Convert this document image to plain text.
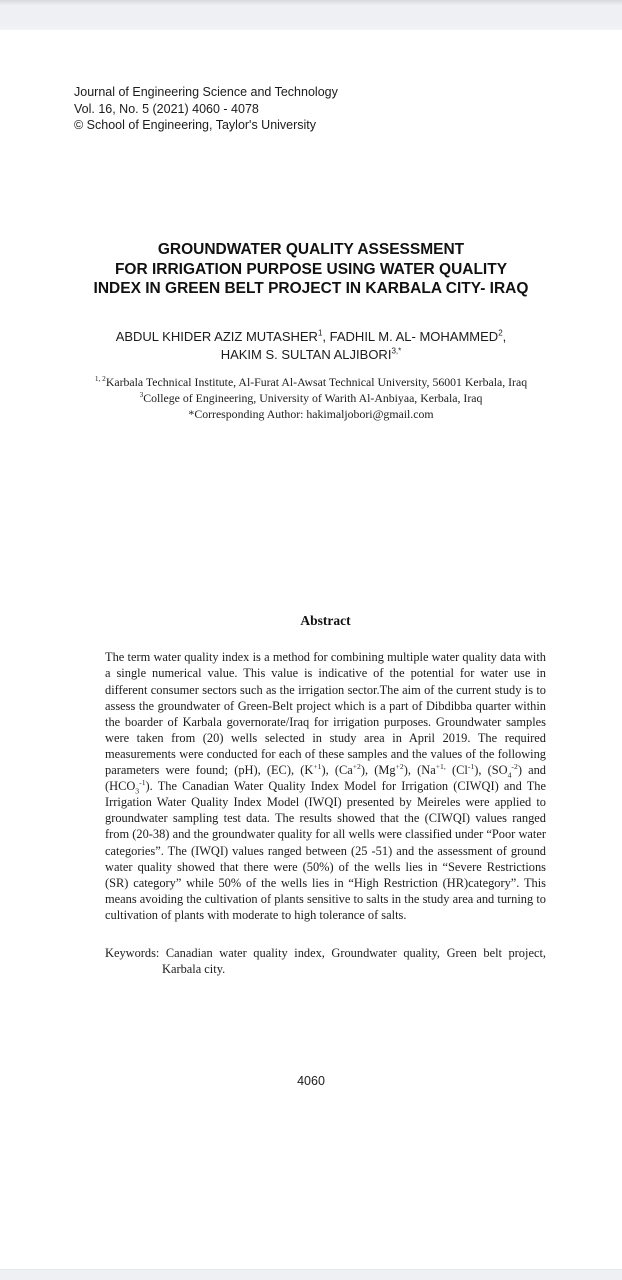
Journal of Engineering Science and Technology
Vol. 16, No. 5 (2021) 4060 - 4078
© School of Engineering, Taylor's University
GROUNDWATER QUALITY ASSESSMENT
FOR IRRIGATION PURPOSE USING WATER QUALITY
INDEX IN GREEN BELT PROJECT IN KARBALA CITY- IRAQ
ABDUL KHIDER AZIZ MUTASHER$^1$, FADHIL M. AL- MOHAMMED$^2$,
HAKIM S. SULTAN $ALJIBORI^{3,*}$
$^{1, 2}$Karbala Technical Institute, Al-Furat Al-Awsat Technical University, 56001 Kerbala, Iraq
$^3$College of Engineering, University of Warith Al-Anbiyaa, Kerbala, Iraq
*Corresponding Author: hakimaljobori@gmail.com
Abstract

The term water quality index is a method for combining multiple water quality data with a single numerical value. This value is indicative of the potential for water use in different consumer sectors such as the irrigation sector.The aim of the current study is to assess the groundwater of Green-Belt project which is a part of Dibdibba quarter within the boarder of Karbala governorate/Iraq for irrigation purposes. Groundwater samples were taken from (20) wells selected in study area in April 2019. The required measurements were conducted for each of these samples and the values of the following parameters were found; (pH), (EC), $(K^{+1})$, $(Ca^{+2})$, $(Mg^{+2})$, ($Na^{+1,}$ $(Cl^{-1})$, $(SO_4^{-2})$ and $(HCO_3^{-1})$. The Canadian Water Quality Index Model for Irrigation (CIWQI) and The Irrigation Water Quality Index Model (IWQI) presented by Meireles were applied to groundwater sampling test data. The results showed that the (CIWQI) values ranged from (20-38) and the groundwater quality for all wells were classified under “Poor water categories”. The (IWQI) values ranged between (25 -51) and the assessment of ground water quality showed that there were (50%) of the wells lies in “Severe Restrictions (SR) category” while 50% of the wells lies in “High Restriction (HR)category”. This means avoiding the cultivation of plants sensitive to salts in the study area and turning to cultivation of plants with moderate to high tolerance of salts.

Keywords: Canadian water quality index, Groundwater quality, Green belt project, Karbala city.

4060
